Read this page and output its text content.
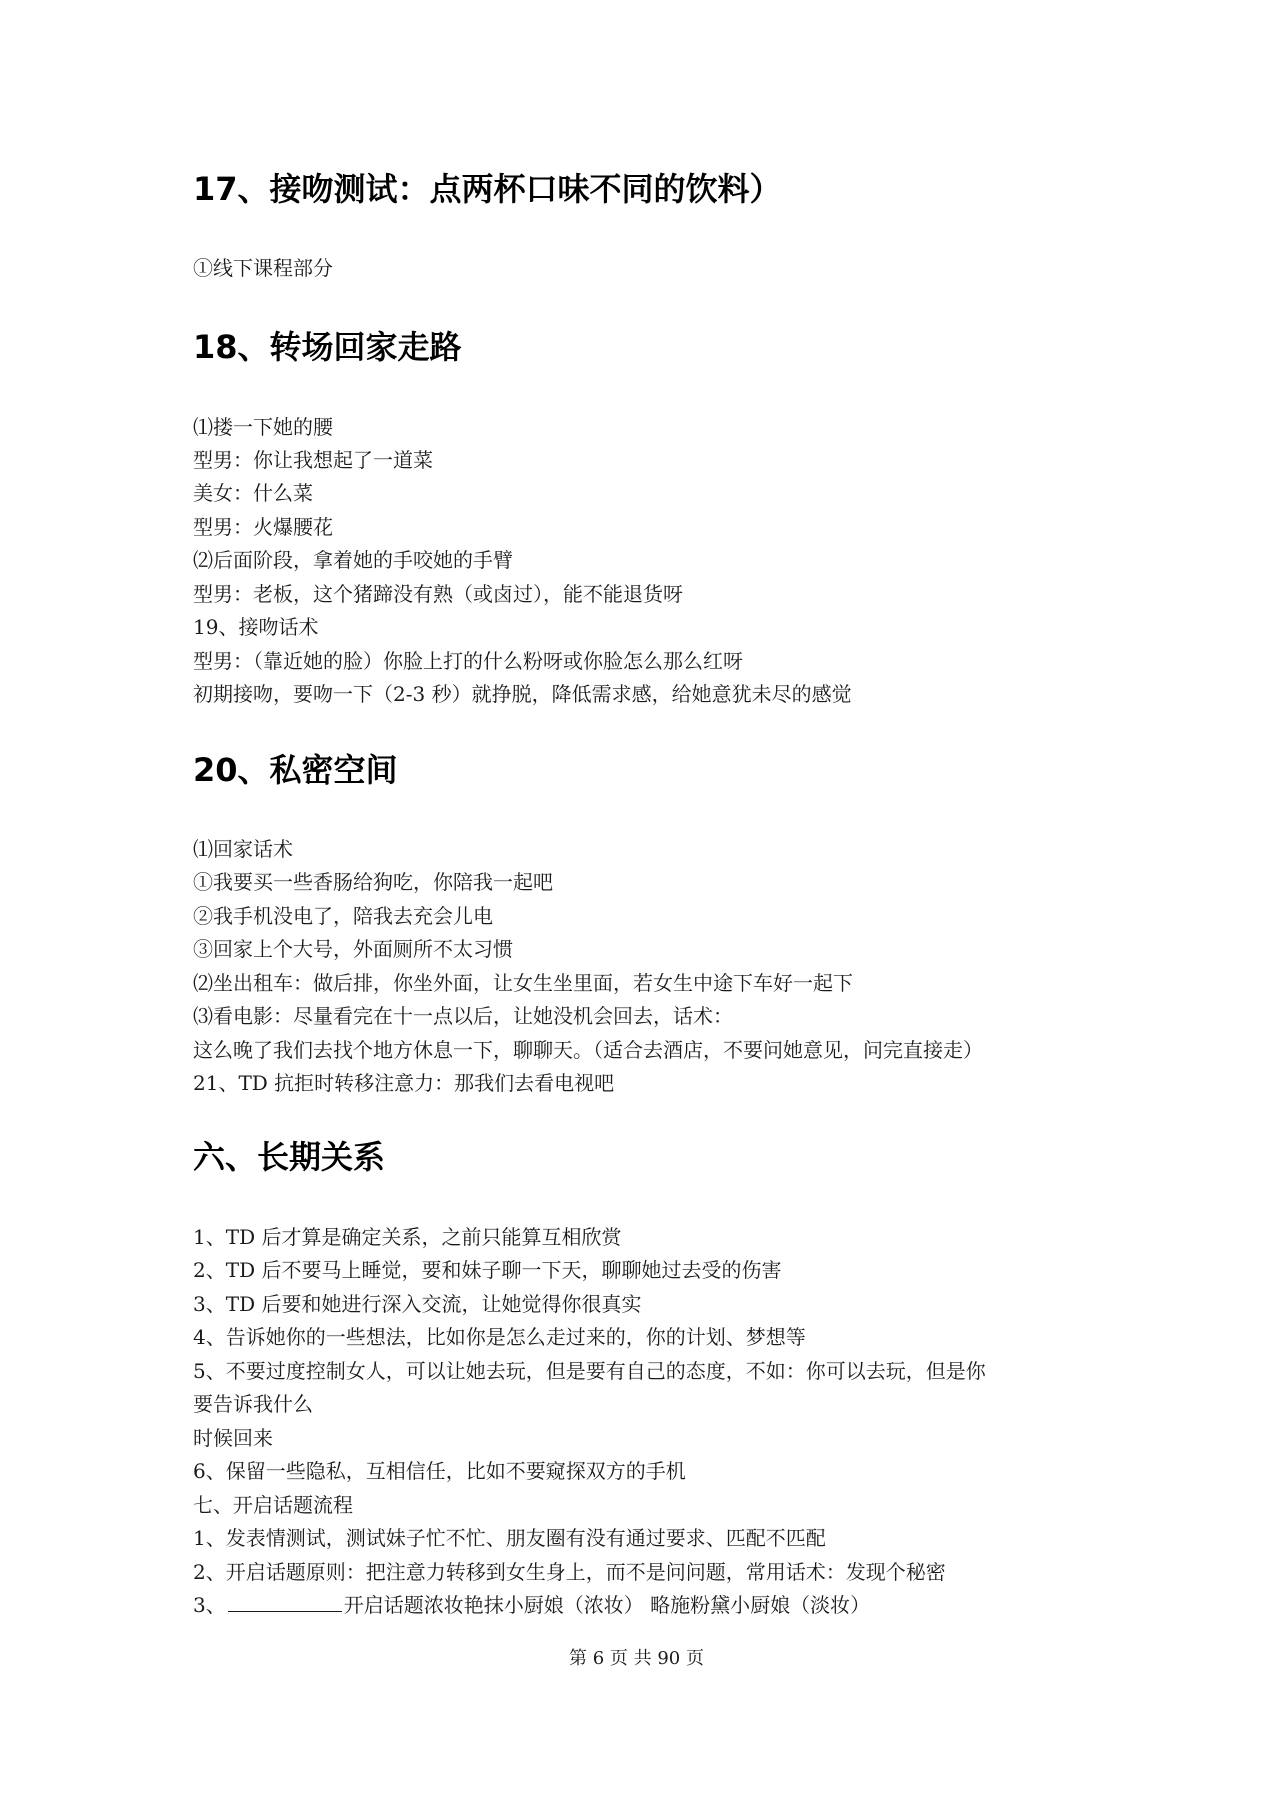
17、接吻测试：点两杯口味不同的饮料）
①线下课程部分
18、转场回家走路
⑴搂一下她的腰
型男：你让我想起了一道菜
美女：什么菜
型男：火爆腰花
⑵后面阶段，拿着她的手咬她的手臂
型男：老板，这个猪蹄没有熟（或卤过），能不能退货呀
19、接吻话术
型男：（靠近她的脸）你脸上打的什么粉呀或你脸怎么那么红呀
初期接吻，要吻一下（2-3 秒）就挣脱，降低需求感，给她意犹未尽的感觉
20、私密空间
⑴回家话术
①我要买一些香肠给狗吃，你陪我一起吧
②我手机没电了，陪我去充会儿电
③回家上个大号，外面厕所不太习惯
⑵坐出租车：做后排，你坐外面，让女生坐里面，若女生中途下车好一起下
⑶看电影：尽量看完在十一点以后，让她没机会回去，话术：
这么晚了我们去找个地方休息一下，聊聊天。（适合去酒店，不要问她意见，问完直接走）
21、TD 抗拒时转移注意力：那我们去看电视吧
六、长期关系
1、TD 后才算是确定关系，之前只能算互相欣赏
2、TD 后不要马上睡觉，要和妹子聊一下天，聊聊她过去受的伤害
3、TD 后要和她进行深入交流，让她觉得你很真实
4、告诉她你的一些想法，比如你是怎么走过来的，你的计划、梦想等
5、不要过度控制女人，可以让她去玩，但是要有自己的态度，不如：你可以去玩，但是你
要告诉我什么
时候回来
6、保留一些隐私，互相信任，比如不要窥探双方的手机
七、开启话题流程
1、发表情测试，测试妹子忙不忙、朋友圈有没有通过要求、匹配不匹配
2、开启话题原则：把注意力转移到女生身上，而不是问问题，常用话术：发现个秘密
3、	开启话题浓妆艳抹小厨娘（浓妆） 略施粉黛小厨娘（淡妆）
第 6 页 共 90 页
